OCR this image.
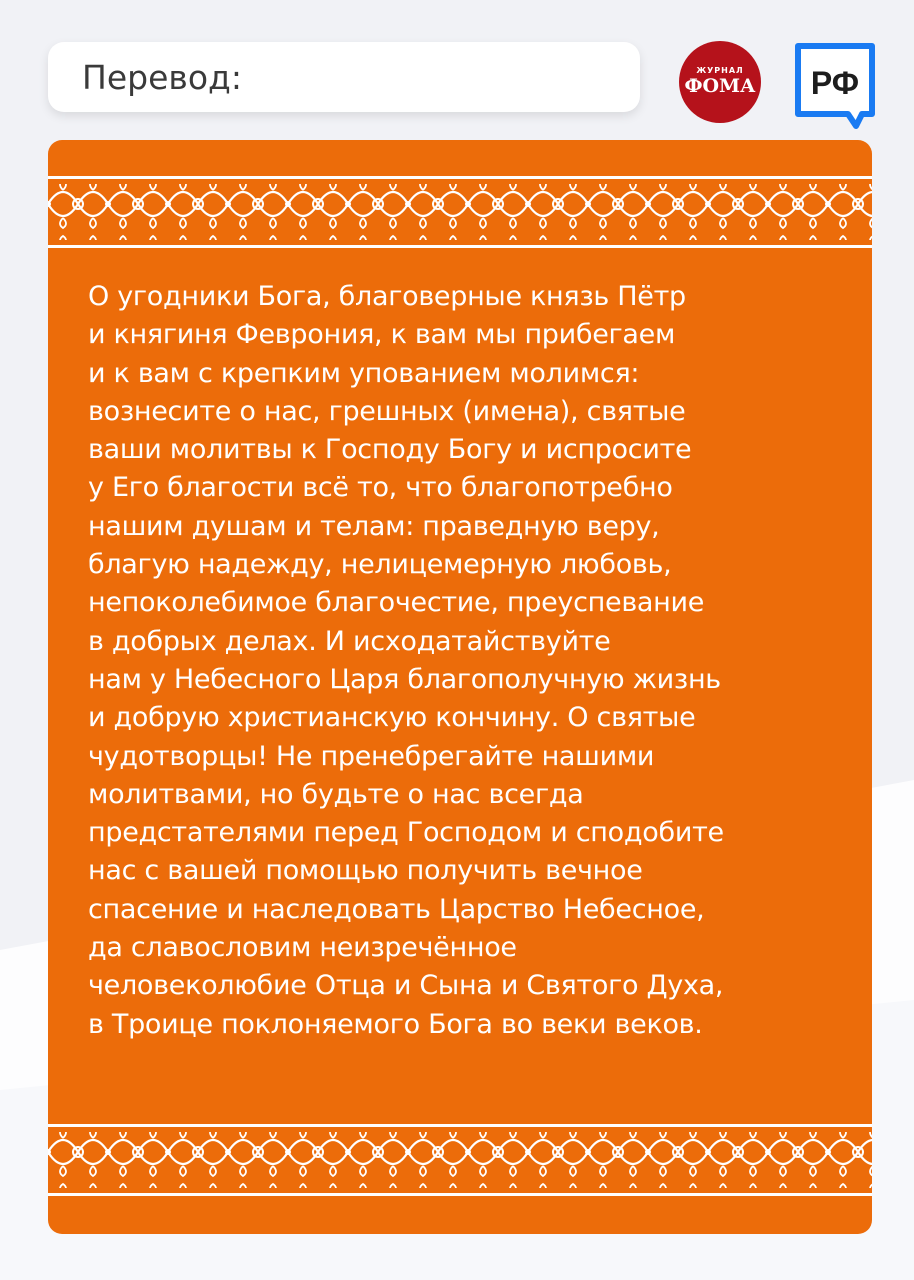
Перевод:	ЖУРНАЛ
ФОМА РФ

О угодники Бога, благоверные князь Пётр
и княгиня Феврония, к вам мы прибегаем
и к вам с крепким упованием молимся:
вознесите о нас, грешных (имена), святые
ваши молитвы к Господу Богу и испросите
у Его благости всё то, что благопотребно
нашим душам и телам: праведную веру,
благую надежду, нелицемерную любовь,
непоколебимое благочестие, преуспевание
в добрых делах. И исходатайствуйте
нам у Небесного Царя благополучную жизнь
и добрую христианскую кончину. О святые
чудотворцы! Не пренебрегайте нашими
молитвами, но будьте о нас всегда
предстателями перед Господом и сподобите
нас с вашей помощью получить вечное
спасение и наследовать Царство Небесное,
да славословим неизречённое
человеколюбие Отца и Сына и Святого Духа,
в Троице поклоняемого Бога во веки веков.
